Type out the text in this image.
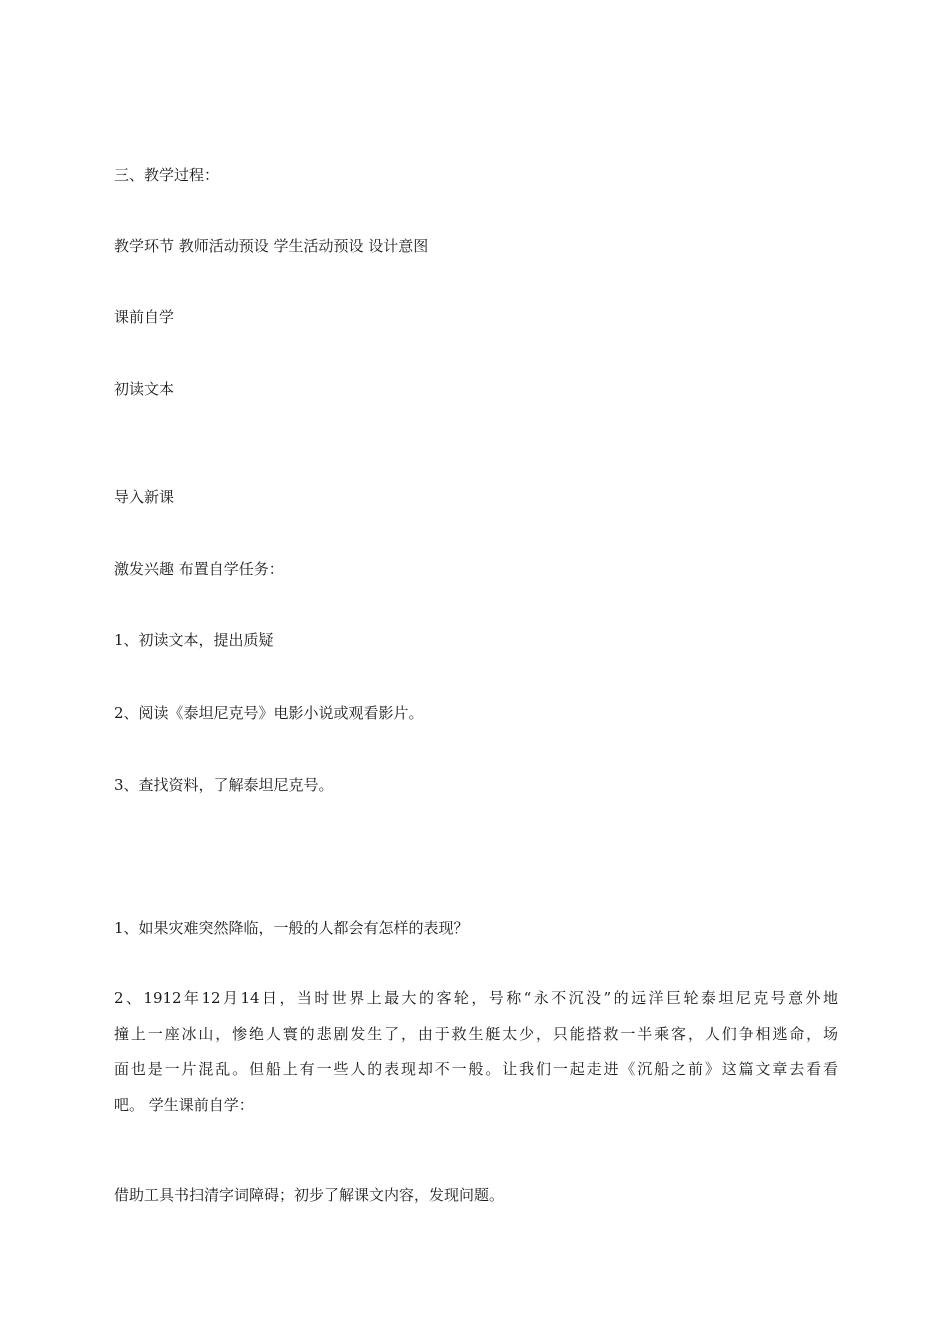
三、教学过程：
教学环节 教师活动预设 学生活动预设 设计意图
课前自学
初读文本
导入新课
激发兴趣 布置自学任务：
1、初读文本，提出质疑
2、阅读《泰坦尼克号》电影小说或观看影片。
3、查找资料，了解泰坦尼克号。
1、如果灾难突然降临，一般的人都会有怎样的表现？
2、1912年12月14日，当时世界上最大的客轮，号称“永不沉没”的远洋巨轮泰坦尼克号意外地
撞上一座冰山，惨绝人寰的悲剧发生了，由于救生艇太少，只能搭救一半乘客，人们争相逃命，场
面也是一片混乱。但船上有一些人的表现却不一般。让我们一起走进《沉船之前》这篇文章去看看
吧。 学生课前自学：
借助工具书扫清字词障碍；初步了解课文内容，发现问题。
